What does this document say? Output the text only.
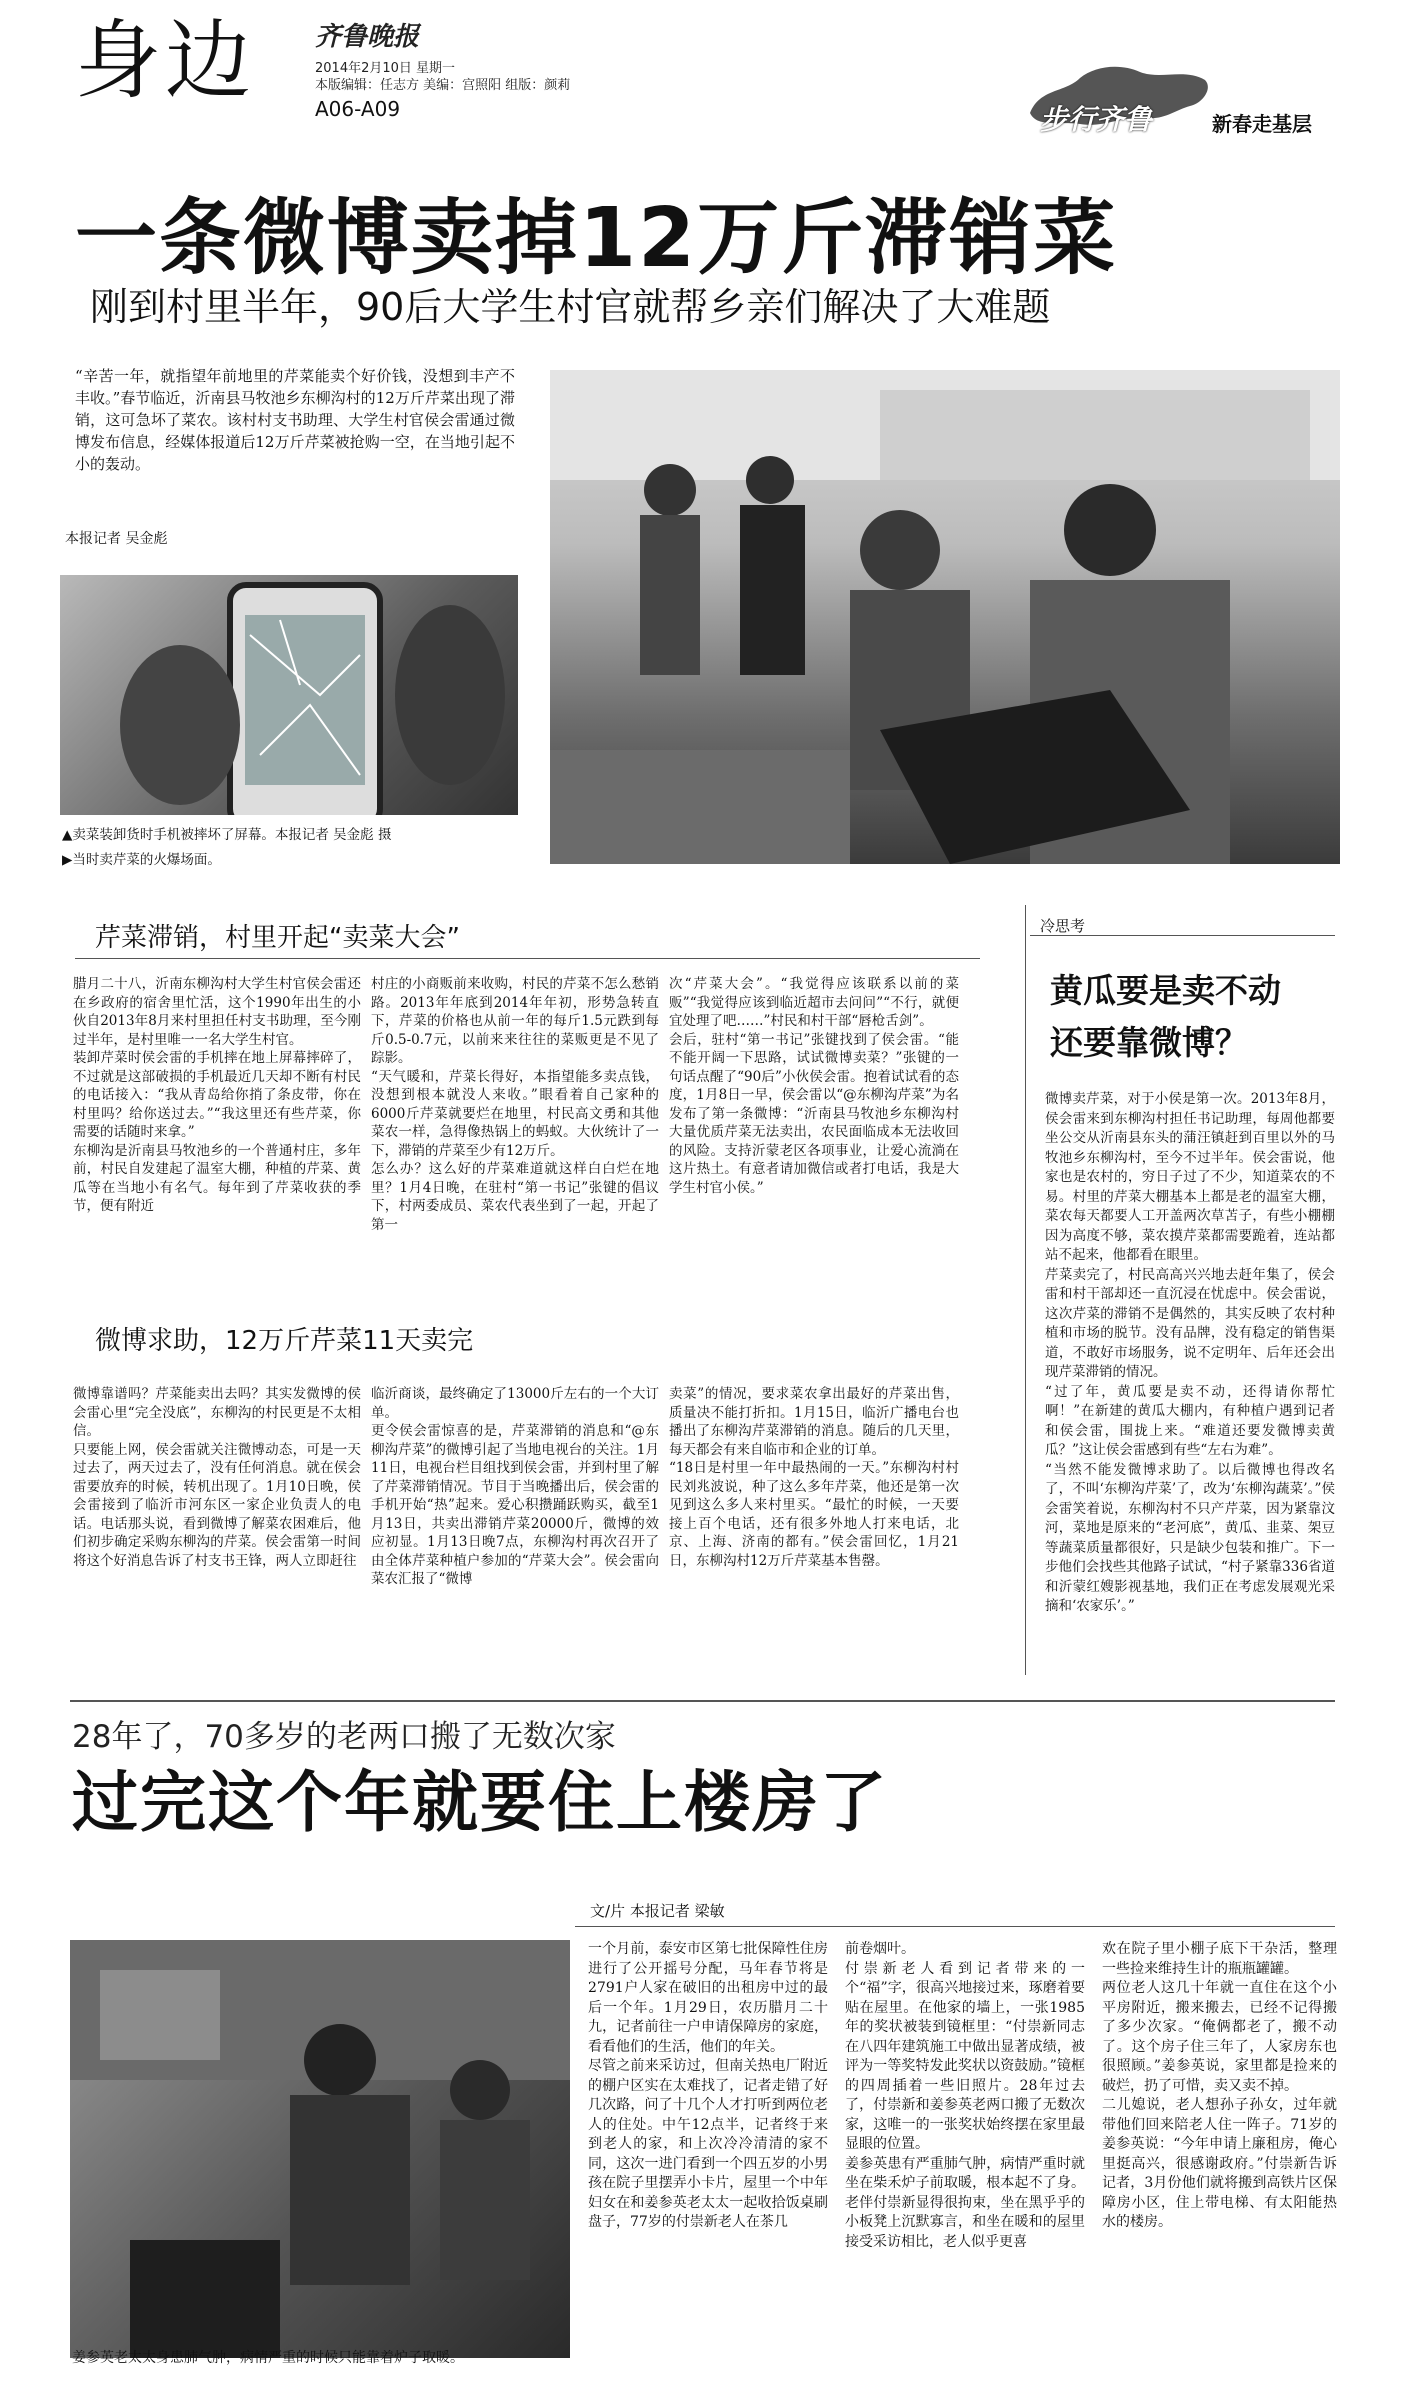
身边 齐鲁晚报
2014年2月10日 星期一
本版编辑：任志方 美编：宫照阳 组版：颜莉
A06-A09	步行齐鲁	新春走基层
一条微博卖掉12万斤滞销菜
刚到村里半年，90后大学生村官就帮乡亲们解决了大难题
“辛苦一年，就指望年前地里的芹菜能卖个好价钱，没想到丰产不丰收。”春节临近，沂南县马牧池乡东柳沟村的12万斤芹菜出现了滞销，这可急坏了菜农。该村村支书助理、大学生村官侯会雷通过微博发布信息，经媒体报道后12万斤芹菜被抢购一空，在当地引起不小的轰动。
本报记者 吴金彪
▲卖菜装卸货时手机被摔坏了屏幕。本报记者 吴金彪 摄
▶当时卖芹菜的火爆场面。
芹菜滞销，村里开起“卖菜大会”
腊月二十八，沂南东柳沟村大学生村官侯会雷还在乡政府的宿舍里忙活，这个1990年出生的小伙自2013年8月来村里担任村支书助理，至今刚过半年，是村里唯一一名大学生村官。
装卸芹菜时侯会雷的手机摔在地上屏幕摔碎了，不过就是这部破损的手机最近几天却不断有村民的电话接入：“我从青岛给你捎了条皮带，你在村里吗？给你送过去。”“我这里还有些芹菜，你需要的话随时来拿。”
东柳沟是沂南县马牧池乡的一个普通村庄，多年前，村民自发建起了温室大棚，种植的芹菜、黄瓜等在当地小有名气。每年到了芹菜收获的季节，便有附近
村庄的小商贩前来收购，村民的芹菜不怎么愁销路。2013年年底到2014年年初，形势急转直下，芹菜的价格也从前一年的每斤1.5元跌到每斤0.5-0.7元，以前来来往往的菜贩更是不见了踪影。
“天气暖和，芹菜长得好，本指望能多卖点钱，没想到根本就没人来收。”眼看着自己家种的6000斤芹菜就要烂在地里，村民高文勇和其他菜农一样，急得像热锅上的蚂蚁。大伙统计了一下，滞销的芹菜至少有12万斤。
怎么办？这么好的芹菜难道就这样白白烂在地里？1月4日晚，在驻村“第一书记”张键的倡议下，村两委成员、菜农代表坐到了一起，开起了第一
次“芹菜大会”。“我觉得应该联系以前的菜贩”“我觉得应该到临近超市去问问”“不行，就便宜处理了吧……”村民和村干部“唇枪舌剑”。
会后，驻村“第一书记”张键找到了侯会雷。“能不能开阔一下思路，试试微博卖菜？”张键的一句话点醒了“90后”小伙侯会雷。抱着试试看的态度，1月8日一早，侯会雷以“@东柳沟芹菜”为名发布了第一条微博：“沂南县马牧池乡东柳沟村大量优质芹菜无法卖出，农民面临成本无法收回的风险。支持沂蒙老区各项事业，让爱心流淌在这片热土。有意者请加微信或者打电话，我是大学生村官小侯。”
微博求助，12万斤芹菜11天卖完
微博靠谱吗？芹菜能卖出去吗？其实发微博的侯会雷心里“完全没底”，东柳沟的村民更是不太相信。
只要能上网，侯会雷就关注微博动态，可是一天过去了，两天过去了，没有任何消息。就在侯会雷要放弃的时候，转机出现了。1月10日晚，侯会雷接到了临沂市河东区一家企业负责人的电话。电话那头说，看到微博了解菜农困难后，他们初步确定采购东柳沟的芹菜。侯会雷第一时间将这个好消息告诉了村支书王锋，两人立即赶往
临沂商谈，最终确定了13000斤左右的一个大订单。
更令侯会雷惊喜的是，芹菜滞销的消息和“@东柳沟芹菜”的微博引起了当地电视台的关注。1月11日，电视台栏目组找到侯会雷，并到村里了解了芹菜滞销情况。节目于当晚播出后，侯会雷的手机开始“热”起来。爱心积攒踊跃购买，截至1月13日，共卖出滞销芹菜20000斤，微博的效应初显。1月13日晚7点，东柳沟村再次召开了由全体芹菜种植户参加的“芹菜大会”。侯会雷向菜农汇报了“微博
卖菜”的情况，要求菜农拿出最好的芹菜出售，质量决不能打折扣。1月15日，临沂广播电台也播出了东柳沟芹菜滞销的消息。随后的几天里，每天都会有来自临市和企业的订单。
“18日是村里一年中最热闹的一天。”东柳沟村村民刘兆波说，种了这么多年芹菜，他还是第一次见到这么多人来村里买。“最忙的时候，一天要接上百个电话，还有很多外地人打来电话，北京、上海、济南的都有。”侯会雷回忆，1月21日，东柳沟村12万斤芹菜基本售罄。
冷思考
黄瓜要是卖不动
还要靠微博？
微博卖芹菜，对于小侯是第一次。2013年8月，侯会雷来到东柳沟村担任书记助理，每周他都要坐公交从沂南县东头的蒲汪镇赶到百里以外的马牧池乡东柳沟村，至今不过半年。侯会雷说，他家也是农村的，穷日子过了不少，知道菜农的不易。村里的芹菜大棚基本上都是老的温室大棚，菜农每天都要人工开盖两次草苫子，有些小棚棚因为高度不够，菜农摸芹菜都需要跪着，连站都站不起来，他都看在眼里。
芹菜卖完了，村民高高兴兴地去赶年集了，侯会雷和村干部却还一直沉浸在忧虑中。侯会雷说，这次芹菜的滞销不是偶然的，其实反映了农村种植和市场的脱节。没有品牌，没有稳定的销售渠道，不敢好市场服务，说不定明年、后年还会出现芹菜滞销的情况。
“过了年，黄瓜要是卖不动，还得请你帮忙啊！”在新建的黄瓜大棚内，有种植户遇到记者和侯会雷，围拢上来。“难道还要发微博卖黄瓜？”这让侯会雷感到有些“左右为难”。
“当然不能发微博求助了。以后微博也得改名了，不叫‘东柳沟芹菜’了，改为‘东柳沟蔬菜’。”侯会雷笑着说，东柳沟村不只产芹菜，因为紧靠汶河，菜地是原来的“老河底”，黄瓜、韭菜、架豆等蔬菜质量都很好，只是缺少包装和推广。下一步他们会找些其他路子试试，“村子紧靠336省道和沂蒙红嫂影视基地，我们正在考虑发展观光采摘和‘农家乐’。”
28年了，70多岁的老两口搬了无数次家
过完这个年就要住上楼房了
文/片 本报记者 梁敏
姜参英老太太身患肺气肿，病情严重的时候只能靠着炉子取暖。
一个月前，泰安市区第七批保障性住房进行了公开摇号分配，马年春节将是2791户人家在破旧的出租房中过的最后一个年。1月29日，农历腊月二十九，记者前往一户申请保障房的家庭，看看他们的生活，他们的年关。
尽管之前来采访过，但南关热电厂附近的棚户区实在太难找了，记者走错了好几次路，问了十几个人才打听到两位老人的住处。中午12点半，记者终于来到老人的家，和上次冷冷清清的家不同，这次一进门看到一个四五岁的小男孩在院子里摆弄小卡片，屋里一个中年妇女在和姜参英老太太一起收拾饭桌刷盘子，77岁的付崇新老人在茶几
前卷烟叶。
付崇新老人看到记者带来的一个“福”字，很高兴地接过来，琢磨着要贴在屋里。在他家的墙上，一张1985年的奖状被装到镜框里：“付崇新同志在八四年建筑施工中做出显著成绩，被评为一等奖特发此奖状以资鼓励。”镜框的四周插着一些旧照片。28年过去了，付崇新和姜参英老两口搬了无数次家，这唯一的一张奖状始终摆在家里最显眼的位置。
姜参英患有严重肺气肿，病情严重时就坐在柴禾炉子前取暖，根本起不了身。老伴付崇新显得很拘束，坐在黑乎乎的小板凳上沉默寡言，和坐在暖和的屋里接受采访相比，老人似乎更喜
欢在院子里小棚子底下干杂活，整理一些捡来维持生计的瓶瓶罐罐。
两位老人这几十年就一直住在这个小平房附近，搬来搬去，已经不记得搬了多少次家。“俺俩都老了，搬不动了。这个房子住三年了，人家房东也很照顾。”姜参英说，家里都是捡来的破烂，扔了可惜，卖又卖不掉。
二儿媳说，老人想孙子孙女，过年就带他们回来陪老人住一阵子。71岁的姜参英说：“今年申请上廉租房，俺心里挺高兴，很感谢政府。”付崇新告诉记者，3月份他们就将搬到高铁片区保障房小区，住上带电梯、有太阳能热水的楼房。
